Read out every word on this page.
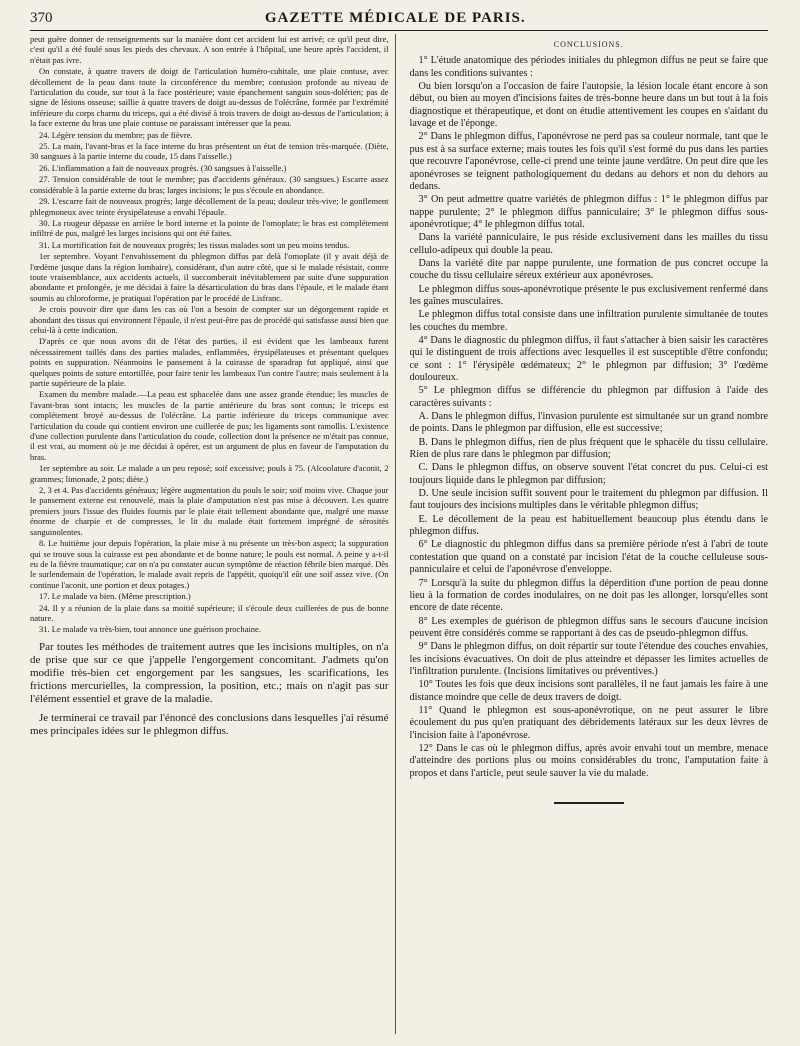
370	GAZETTE MÉDICALE DE PARIS.

peut guère donner de renseignements sur la manière dont cet accident lui est arrivé; ce qu'il peut dire, c'est qu'il a été foulé sous les pieds des chevaux. A son entrée à l'hôpital, une heure après l'accident, il n'était pas ivre.

On constate, à quatre travers de doigt de l'articulation huméro-cubitale, une plaie contuse, avec décollement de la peau dans toute la circonférence du membre; contusion profonde au niveau de l'articulation du coude, sur tout à la face postérieure; vaste épanchement sanguin sous-dolérien; pas de signe de lésions osseuse; saillie à quatre travers de doigt au-dessus de l'olécrâne, formée par l'extrémité inférieure du corps charnu du triceps, qui a été divisé à trois travers de doigt au-dessus de l'articulation; à la face externe du bras une plaie contuse ne paraissant intéresser que la peau.

24. Légère tension du membre; pas de fièvre.

25. La main, l'avant-bras et la face interne du bras présentent un état de tension très-marquée. (Diète, 30 sangsues à la partie interne du coude, 15 dans l'aisselle.)

26. L'inflammation a fait de nouveaux progrès. (30 sangsues à l'aisselle.)

27. Tension considérable de tout le membre; pas d'accidents généraux. (30 sangsues.) Escarre assez considérable à la partie externe du bras; larges incisions; le pus s'écoule en abondance.

29. L'escarre fait de nouveaux progrès; large décollement de la peau; douleur très-vive; le gonflement phlegmoneux avec teinte érysipélateuse a envahi l'épaule.

30. La rougeur dépasse en arrière le bord interne et la pointe de l'omoplate; le bras est complétement infiltré de pus, malgré les larges incisions qui ont été faites.

31. La mortification fait de nouveaux progrès; les tissus malades sont un peu moins tendus.

1er septembre. Voyant l'envahissement du phlegmon diffus par delà l'omoplate (il y avait déjà de l'œdème jusque dans la région lombaire), considérant, d'un autre côté, que si le malade résistait, contre toute vraisemblance, aux accidents actuels, il succomberait inévitablement par suite d'une suppuration abondante et prolongée, je me décidai à faire la désarticulation du bras dans l'épaule, et le malade étant soumis au chloroforme, je pratiquai l'opération par le procédé de Lisfranc.

Je crois pouvoir dire que dans les cas où l'on a besoin de compter sur un dégorgement rapide et abondant des tissus qui environnent l'épaule, il n'est peut-être pas de procédé qui satisfasse aussi bien que celui-là à cette indication.

D'après ce que nous avons dit de l'état des parties, il est évident que les lambeaux furent nécessairement taillés dans des parties malades, enflammées, érysipélateuses et présentant quelques points en suppuration. Néanmoins le pansement à la cuirasse de sparadrap fut appliqué, ainsi que quelques points de suture entortillée, pour faire tenir les lambeaux l'un contre l'autre; mais seulement à la partie supérieure de la plaie.

Examen du membre malade.—La peau est sphacelée dans une assez grande étendue; les muscles de l'avant-bras sont intacts; les muscles de la partie antérieure du bras sont contus; le triceps est complétement broyé au-dessus de l'olécrâne. La partie inférieure du triceps communique avec l'articulation du coude qui contient environ une cuillerée de pus; les ligaments sont ramollis. L'existence d'une collection purulente dans l'articulation du coude, collection dont la présence ne m'était pas connue, il est vrai, au moment où je me décidai à opérer, est un argument de plus en faveur de l'amputation du bras.

1er septembre au soir. Le malade a un peu reposé; soif excessive; pouls à 75. (Alcoolature d'aconit, 2 grammes; limonade, 2 pots; diète.)

2, 3 et 4. Pas d'accidents généraux; légère augmentation du pouls le soir; soif moins vive. Chaque jour le pansement externe est renouvelé, mais la plaie d'amputation n'est pas mise à découvert. Les quatre premiers jours l'issue des fluides fournis par le plaie était tellement abondante que, malgré une masse énorme de charpie et de compresses, le lit du malade était fortement imprégné de sérosités sanguinolentes.

8. Le huitième jour depuis l'opération, la plaie mise à nu présente un très-bon aspect; la suppuration qui se trouve sous la cuirasse est peu abondante et de bonne nature; le pouls est normal. A peine y a-t-il eu de la fièvre traumatique; car on n'a pu constater aucun symptôme de réaction fébrile bien marqué. Dès le surlendemain de l'opération, le malade avait repris de l'appétit, quoiqu'il eût une soif assez vive. (On continue l'aconit, une portion et deux potages.)

17. Le malade va bien. (Même prescription.)

24. Il y a réunion de la plaie dans sa moitié supérieure; il s'écoule deux cuillerées de pus de bonne nature.

31. Le malade va très-bien, tout annonce une guérison prochaine.

Par toutes les méthodes de traitement autres que les incisions multiples, on n'a de prise que sur ce que j'appelle l'engorgement concomitant. J'admets qu'on modifie très-bien cet engorgement par les sangsues, les scarifications, les frictions mercurielles, la compression, la position, etc.; mais on n'agit pas sur l'élément essentiel et grave de la maladie.

Je terminerai ce travail par l'énoncé des conclusions dans lesquelles j'ai résumé mes principales idées sur le phlegmon diffus.

CONCLUSIONS.

1° L'étude anatomique des périodes initiales du phlegmon diffus ne peut se faire que dans les conditions suivantes :

Ou bien lorsqu'on a l'occasion de faire l'autopsie, la lésion locale étant encore à son début, ou bien au moyen d'incisions faites de très-bonne heure dans un but tout à la fois diagnostique et thérapeutique, et dont on étudie attentivement les coupes en s'aidant du lavage et de l'éponge.

2° Dans le phlegmon diffus, l'aponévrose ne perd pas sa couleur normale, tant que le pus est à sa surface externe; mais toutes les fois qu'il s'est formé du pus dans les parties que recouvre l'aponévrose, celle-ci prend une teinte jaune verdâtre. On peut dire que les aponévroses se teignent pathologiquement du dedans au dehors et non du dehors au dedans.

3° On peut admettre quatre variétés de phlegmon diffus : 1° le phlegmon diffus par nappe purulente; 2° le phlegmon diffus panniculaire; 3° le phlegmon diffus sous-aponévrotique; 4° le phlegmon diffus total.

Dans la variété panniculaire, le pus réside exclusivement dans les mailles du tissu cellulo-adipeux qui double la peau.

Dans la variété dite par nappe purulente, une formation de pus concret occupe la couche du tissu cellulaire séreux extérieur aux aponévroses.

Le phlegmon diffus sous-aponévrotique présente le pus exclusivement renfermé dans les gaînes musculaires.

Le phlegmon diffus total consiste dans une infiltration purulente simultanée de toutes les couches du membre.

4° Dans le diagnostic du phlegmon diffus, il faut s'attacher à bien saisir les caractères qui le distinguent de trois affections avec lesquelles il est susceptible d'être confondu; ce sont : 1° l'érysipèle œdémateux; 2° le phlegmon par diffusion; 3° l'œdème douloureux.

5° Le phlegmon diffus se différencie du phlegmon par diffusion à l'aide des caractères suivants :

A. Dans le phlegmon diffus, l'invasion purulente est simultanée sur un grand nombre de points. Dans le phlegmon par diffusion, elle est successive;

B. Dans le phlegmon diffus, rien de plus fréquent que le sphacèle du tissu cellulaire. Rien de plus rare dans le phlegmon par diffusion;

C. Dans le phlegmon diffus, on observe souvent l'état concret du pus. Celui-ci est toujours liquide dans le phlegmon par diffusion;

D. Une seule incision suffit souvent pour le traitement du phlegmon par diffusion. Il faut toujours des incisions multiples dans le véritable phlegmon diffus;

E. Le décollement de la peau est habituellement beaucoup plus étendu dans le phlegmon diffus.

6° Le diagnostic du phlegmon diffus dans sa première période n'est à l'abri de toute contestation que quand on a constaté par incision l'état de la couche celluleuse sous-panniculaire et celui de l'aponévrose d'enveloppe.

7° Lorsqu'à la suite du phlegmon diffus la déperdition d'une portion de peau donne lieu à la formation de cordes inodulaires, on ne doit pas les allonger, lorsqu'elles sont encore de date récente.

8° Les exemples de guérison de phlegmon diffus sans le secours d'aucune incision peuvent être considérés comme se rapportant à des cas de pseudo-phlegmon diffus.

9° Dans le phlegmon diffus, on doit répartir sur toute l'étendue des couches envahies, les incisions évacuatives. On doit de plus atteindre et dépasser les limites actuelles de l'infiltration purulente. (Incisions limitatives ou préventives.)

10° Toutes les fois que deux incisions sont parallèles, il ne faut jamais les faire à une distance moindre que celle de deux travers de doigt.

11° Quand le phlegmon est sous-aponévrotique, on ne peut assurer le libre écoulement du pus qu'en pratiquant des débridements latéraux sur les deux lèvres de l'incision faite à l'aponévrose.

12° Dans le cas où le phlegmon diffus, après avoir envahi tout un membre, menace d'atteindre des portions plus ou moins considérables du tronc, l'amputation faite à propos et dans l'article, peut seule sauver la vie du malade.
